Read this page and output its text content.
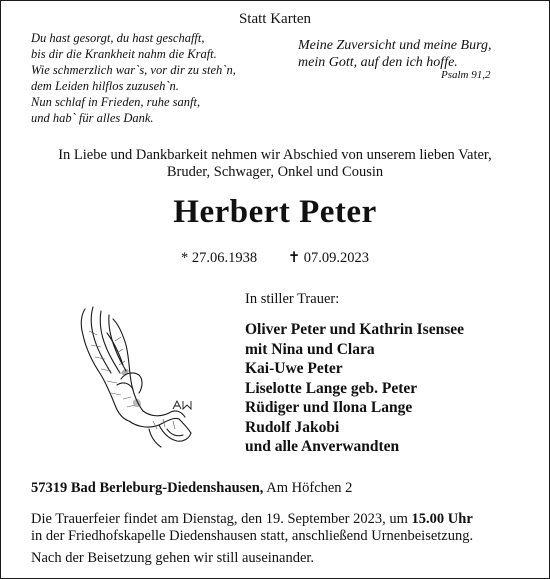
Statt Karten
Du hast gesorgt, du hast geschafft,
bis dir die Krankheit nahm die Kraft.
Wie schmerzlich war`s, vor dir zu steh`n,
dem Leiden hilflos zuzuseh`n.
Nun schlaf in Frieden, ruhe sanft,
und hab` für alles Dank.
Meine Zuversicht und meine Burg,
mein Gott, auf den ich hoffe.
Psalm 91,2
In Liebe und Dankbarkeit nehmen wir Abschied von unserem lieben Vater,
Bruder, Schwager, Onkel und Cousin
Herbert Peter
* 27.06.1938 ✝ 07.09.2023
In stiller Trauer:
Oliver Peter und Kathrin Isensee
mit Nina und Clara
Kai-Uwe Peter
Liselotte Lange geb. Peter
Rüdiger und Ilona Lange
Rudolf Jakobi
und alle Anverwandten
57319 Bad Berleburg-Diedenshausen, Am Höfchen 2
Die Trauerfeier findet am Dienstag, den 19. September 2023, um 15.00 Uhr
in der Friedhofskapelle Diedenshausen statt, anschließend Urnenbeisetzung.
Nach der Beisetzung gehen wir still auseinander.
